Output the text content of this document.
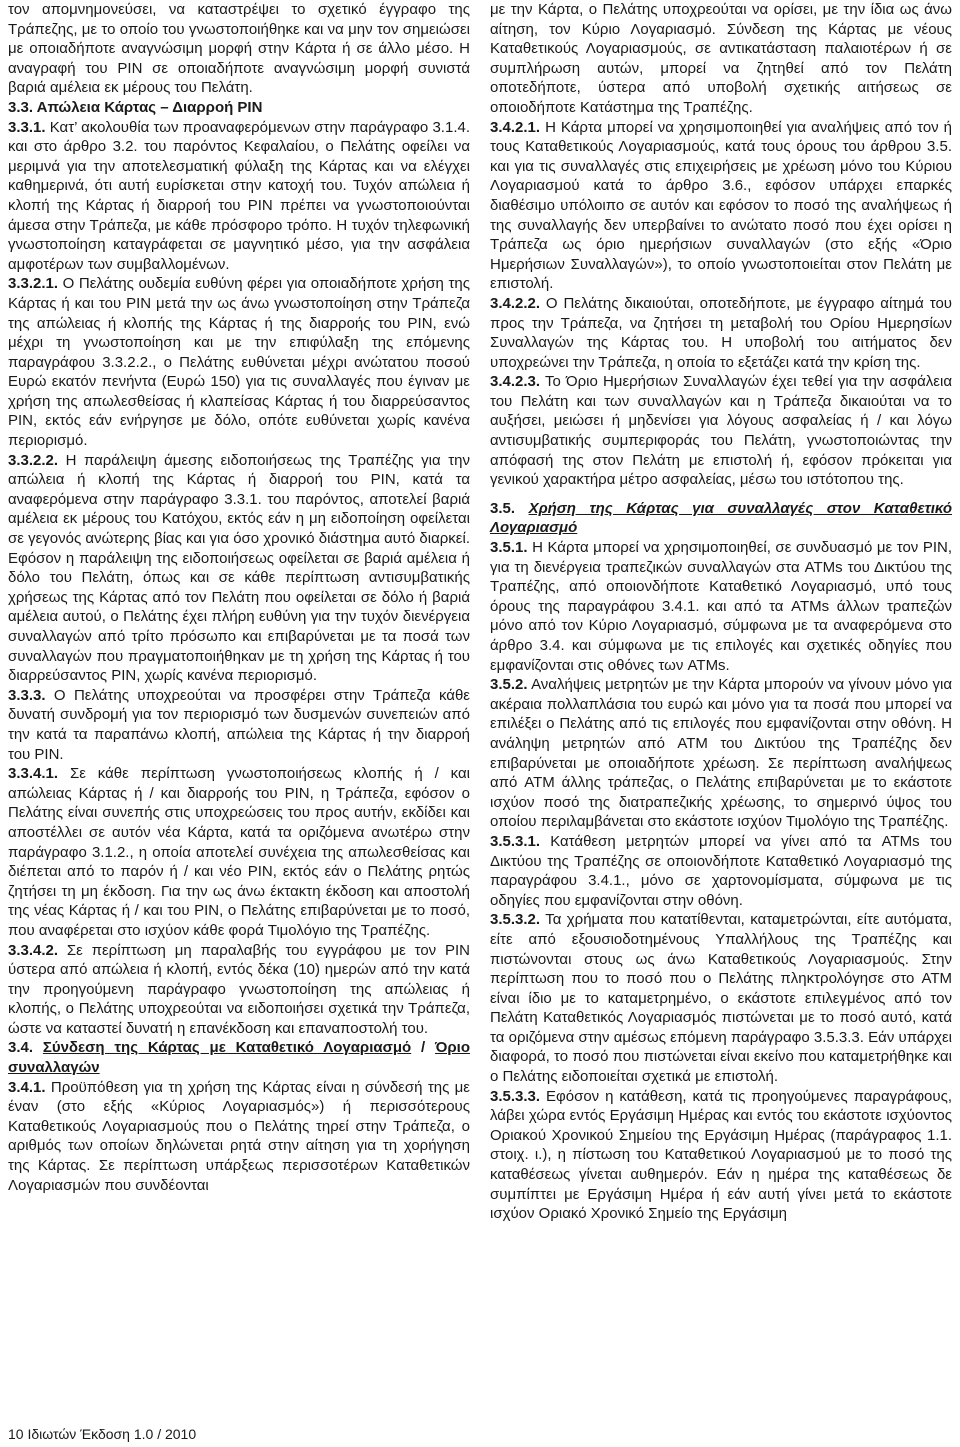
τον απομνημονεύσει, να καταστρέψει το σχετικό έγγραφο της Τράπεζης, με το οποίο του γνωστοποιήθηκε και να μην τον σημειώσει με οποιαδήποτε αναγνώσιμη μορφή στην Κάρτα ή σε άλλο μέσο. Η αναγραφή του PIN σε οποιαδήποτε αναγνώσιμη μορφή συνιστά βαριά αμέλεια εκ μέρους του Πελάτη.

3.3. Απώλεια Κάρτας – Διαρροή PIN

3.3.1. Κατ’ ακολουθία των προαναφερόμενων στην παράγραφο 3.1.4. και στο άρθρο 3.2. του παρόντος Κεφαλαίου, ο Πελάτης οφείλει να μεριμνά για την αποτελεσματική φύλαξη της Κάρτας και να ελέγχει καθημερινά, ότι αυτή ευρίσκεται στην κατοχή του. Τυχόν απώλεια ή κλοπή της Κάρτας ή διαρροή του PIN πρέπει να γνωστοποιούνται άμεσα στην Τράπεζα, με κάθε πρόσφορο τρόπο. Η τυχόν τηλεφωνική γνωστοποίηση καταγράφεται σε μαγνητικό μέσο, για την ασφάλεια αμφοτέρων των συμβαλλομένων.

3.3.2.1. Ο Πελάτης ουδεμία ευθύνη φέρει για οποιαδήποτε χρήση της Κάρτας ή και του PIN μετά την ως άνω γνωστοποίηση στην Τράπεζα της απώλειας ή κλοπής της Κάρτας ή της διαρροής του PIN, ενώ μέχρι τη γνωστοποίηση και με την επιφύλαξη της επόμενης παραγράφου 3.3.2.2., ο Πελάτης ευθύνεται μέχρι ανώτατου ποσού Ευρώ εκατόν πενήντα (Ευρώ 150) για τις συναλλαγές που έγιναν με χρήση της απωλεσθείσας ή κλαπείσας Κάρτας ή του διαρρεύσαντος PIN, εκτός εάν ενήργησε με δόλο, οπότε ευθύνεται χωρίς κανένα περιορισμό.

3.3.2.2. Η παράλειψη άμεσης ειδοποιήσεως της Τραπέζης για την απώλεια ή κλοπή της Κάρτας ή διαρροή του PIN, κατά τα αναφερόμενα στην παράγραφο 3.3.1. του παρόντος, αποτελεί βαριά αμέλεια εκ μέρους του Κατόχου, εκτός εάν η μη ειδοποίηση οφείλεται σε γεγονός ανώτερης βίας και για όσο χρονικό διάστημα αυτό διαρκεί. Εφόσον η παράλειψη της ειδοποιήσεως οφείλεται σε βαριά αμέλεια ή δόλο του Πελάτη, όπως και σε κάθε περίπτωση αντισυμβατικής χρήσεως της Κάρτας από τον Πελάτη που οφείλεται σε δόλο ή βαριά αμέλεια αυτού, ο Πελάτης έχει πλήρη ευθύνη για την τυχόν διενέργεια συναλλαγών από τρίτο πρόσωπο και επιβαρύνεται με τα ποσά των συναλλαγών που πραγματοποιήθηκαν με τη χρήση της Κάρτας ή του διαρρεύσαντος PIN, χωρίς κανένα περιορισμό.

3.3.3. Ο Πελάτης υποχρεούται να προσφέρει στην Τράπεζα κάθε δυνατή συνδρομή για τον περιορισμό των δυσμενών συνεπειών από την κατά τα παραπάνω κλοπή, απώλεια της Κάρτας ή την διαρροή του PIN.

3.3.4.1. Σε κάθε περίπτωση γνωστοποιήσεως κλοπής ή / και απώλειας Κάρτας ή / και διαρροής του PIN, η Τράπεζα, εφόσον ο Πελάτης είναι συνεπής στις υποχρεώσεις του προς αυτήν, εκδίδει και αποστέλλει σε αυτόν νέα Κάρτα, κατά τα οριζόμενα ανωτέρω στην παράγραφο 3.1.2., η οποία αποτελεί συνέχεια της απωλεσθείσας και διέπεται από το παρόν ή / και νέο PIN, εκτός εάν ο Πελάτης ρητώς ζητήσει τη μη έκδοση. Για την ως άνω έκτακτη έκδοση και αποστολή της νέας Κάρτας ή / και του PIN, ο Πελάτης επιβαρύνεται με το ποσό, που αναφέρεται στο ισχύον κάθε φορά Τιμολόγιο της Τραπέζης.

3.3.4.2. Σε περίπτωση μη παραλαβής του εγγράφου με τον PIN ύστερα από απώλεια ή κλοπή, εντός δέκα (10) ημερών από την κατά την προηγούμενη παράγραφο γνωστοποίηση της απώλειας ή κλοπής, ο Πελάτης υποχρεούται να ειδοποιήσει σχετικά την Τράπεζα, ώστε να καταστεί δυνατή η επανέκδοση και επαναποστολή του.

3.4. Σύνδεση της Κάρτας με Καταθετικό Λογαριασμό / Όριο συναλλαγών

3.4.1. Προϋπόθεση για τη χρήση της Κάρτας είναι η σύνδεσή της με έναν (στο εξής «Κύριος Λογαριασμός») ή περισσότερους Καταθετικούς Λογαριασμούς που ο Πελάτης τηρεί στην Τράπεζα, ο αριθμός των οποίων δηλώνεται ρητά στην αίτηση για τη χορήγηση της Κάρτας. Σε περίπτωση υπάρξεως περισσοτέρων Καταθετικών Λογαριασμών που συνδέονται

με την Κάρτα, ο Πελάτης υποχρεούται να ορίσει, με την ίδια ως άνω αίτηση, τον Κύριο Λογαριασμό. Σύνδεση της Κάρτας με νέους Καταθετικούς Λογαριασμούς, σε αντικατάσταση παλαιοτέρων ή σε συμπλήρωση αυτών, μπορεί να ζητηθεί από τον Πελάτη οποτεδήποτε, ύστερα από υποβολή σχετικής αιτήσεως σε οποιοδήποτε Κατάστημα της Τραπέζης.

3.4.2.1. Η Κάρτα μπορεί να χρησιμοποιηθεί για αναλήψεις από τον ή τους Καταθετικούς Λογαριασμούς, κατά τους όρους του άρθρου 3.5. και για τις συναλλαγές στις επιχειρήσεις με χρέωση μόνο του Κύριου Λογαριασμού κατά το άρθρο 3.6., εφόσον υπάρχει επαρκές διαθέσιμο υπόλοιπο σε αυτόν και εφόσον το ποσό της αναλήψεως ή της συναλλαγής δεν υπερβαίνει το ανώτατο ποσό που έχει ορίσει η Τράπεζα ως όριο ημερήσιων συναλλαγών (στο εξής «Όριο Ημερήσιων Συναλλαγών»), το οποίο γνωστοποιείται στον Πελάτη με επιστολή.

3.4.2.2. Ο Πελάτης δικαιούται, οποτεδήποτε, με έγγραφο αίτημά του προς την Τράπεζα, να ζητήσει τη μεταβολή του Ορίου Ημερησίων Συναλλαγών της Κάρτας του. Η υποβολή του αιτήματος δεν υποχρεώνει την Τράπεζα, η οποία το εξετάζει κατά την κρίση της.

3.4.2.3. Το Όριο Ημερήσιων Συναλλαγών έχει τεθεί για την ασφάλεια του Πελάτη και των συναλλαγών και η Τράπεζα δικαιούται να το αυξήσει, μειώσει ή μηδενίσει για λόγους ασφαλείας ή / και λόγω αντισυμβατικής συμπεριφοράς του Πελάτη, γνωστοποιώντας την απόφασή της στον Πελάτη με επιστολή ή, εφόσον πρόκειται για γενικού χαρακτήρα μέτρο ασφαλείας, μέσω του ιστότοπου της.

3.5. Χρήση της Κάρτας για συναλλαγές στον Καταθετικό Λογαριασμό

3.5.1. Η Κάρτα μπορεί να χρησιμοποιηθεί, σε συνδυασμό με τον PIN, για τη διενέργεια τραπεζικών συναλλαγών στα ATMs του Δικτύου της Τραπέζης, από οποιονδήποτε Καταθετικό Λογαριασμό, υπό τους όρους της παραγράφου 3.4.1. και από τα ATMs άλλων τραπεζών μόνο από τον Κύριο Λογαριασμό, σύμφωνα με τα αναφερόμενα στο άρθρο 3.4. και σύμφωνα με τις επιλογές και σχετικές οδηγίες που εμφανίζονται στις οθόνες των ATMs.

3.5.2. Αναλήψεις μετρητών με την Κάρτα μπορούν να γίνουν μόνο για ακέραια πολλαπλάσια του ευρώ και μόνο για τα ποσά που μπορεί να επιλέξει ο Πελάτης από τις επιλογές που εμφανίζονται στην οθόνη. Η ανάληψη μετρητών από ATM του Δικτύου της Τραπέζης δεν επιβαρύνεται με οποιαδήποτε χρέωση. Σε περίπτωση αναλήψεως από ATM άλλης τράπεζας, ο Πελάτης επιβαρύνεται με το εκάστοτε ισχύον ποσό της διατραπεζικής χρέωσης, το σημερινό ύψος του οποίου περιλαμβάνεται στο εκάστοτε ισχύον Τιμολόγιο της Τραπέζης.

3.5.3.1. Κατάθεση μετρητών μπορεί να γίνει από τα ATMs του Δικτύου της Τραπέζης σε οποιονδήποτε Καταθετικό Λογαριασμό της παραγράφου 3.4.1., μόνο σε χαρτονομίσματα, σύμφωνα με τις οδηγίες που εμφανίζονται στην οθόνη.

3.5.3.2. Τα χρήματα που κατατίθενται, καταμετρώνται, είτε αυτόματα, είτε από εξουσιοδοτημένους Υπαλλήλους της Τραπέζης και πιστώνονται στους ως άνω Καταθετικούς Λογαριασμούς. Στην περίπτωση που το ποσό που ο Πελάτης πληκτρολόγησε στο ATM είναι ίδιο με το καταμετρημένο, ο εκάστοτε επιλεγμένος από τον Πελάτη Καταθετικός Λογαριασμός πιστώνεται με το ποσό αυτό, κατά τα οριζόμενα στην αμέσως επόμενη παράγραφο 3.5.3.3. Εάν υπάρχει διαφορά, το ποσό που πιστώνεται είναι εκείνο που καταμετρήθηκε και ο Πελάτης ειδοποιείται σχετικά με επιστολή.

3.5.3.3. Εφόσον η κατάθεση, κατά τις προηγούμενες παραγράφους, λάβει χώρα εντός Εργάσιμη Ημέρας και εντός του εκάστοτε ισχύοντος Οριακού Χρονικού Σημείου της Εργάσιμη Ημέρας (παράγραφος 1.1. στοιχ. ι.), η πίστωση του Καταθετικού Λογαριασμού με το ποσό της καταθέσεως γίνεται αυθημερόν. Εάν η ημέρα της καταθέσεως δε συμπίπτει με Εργάσιμη Ημέρα ή εάν αυτή γίνει μετά το εκάστοτε ισχύον Οριακό Χρονικό Σημείο της Εργάσιμη

10 Ιδιωτών Έκδοση 1.0 / 2010
